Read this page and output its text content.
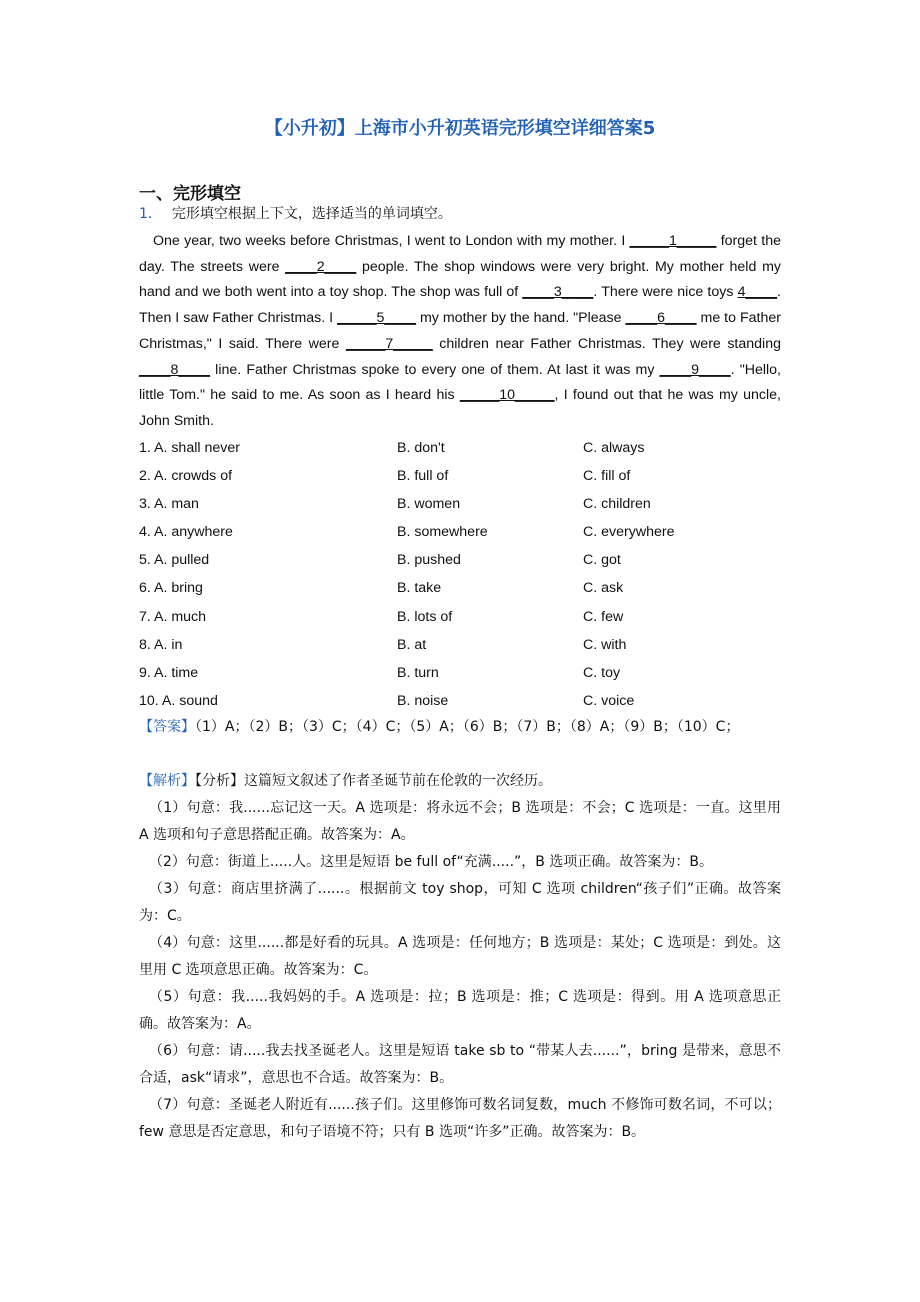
【小升初】上海市小升初英语完形填空详细答案5
一、完形填空
1． 完形填空根据上下文，选择适当的单词填空。
One year, two weeks before Christmas, I went to London with my mother. I _____1_____ forget the day. The streets were ____2____ people. The shop windows were very bright. My mother held my hand and we both went into a toy shop. The shop was full of ____3____. There were nice toys 4____. Then I saw Father Christmas. I _____5____ my mother by the hand. "Please ____6____ me to Father Christmas," I said. There were _____7_____ children near Father Christmas. They were standing ____8____ line. Father Christmas spoke to every one of them. At last it was my ____9____. "Hello, little Tom." he said to me. As soon as I heard his _____10_____, I found out that he was my uncle, John Smith.
1. A. shall never	B. don't	C. always
2. A. crowds of	B. full of	C. fill of
3. A. man	B. women	C. children
4. A. anywhere	B. somewhere	C. everywhere
5. A. pulled	B. pushed	C. got
6. A. bring	B. take	C. ask
7. A. much	B. lots of	C. few
8. A. in	B. at	C. with
9. A. time	B. turn	C. toy
10. A. sound	B. noise	C. voice
【答案】（1）A；（2）B；（3）C；（4）C；（5）A；（6）B；（7）B；（8）A；（9）B；（10）C；
【解析】【分析】这篇短文叙述了作者圣诞节前在伦敦的一次经历。
（1）句意：我......忘记这一天。A 选项是：将永远不会；B 选项是：不会；C 选项是：一直。这里用 A 选项和句子意思搭配正确。故答案为：A。
（2）句意：街道上.....人。这里是短语 be full of“充满.....”，B 选项正确。故答案为：B。
（3）句意：商店里挤满了......。根据前文 toy shop，可知 C 选项 children“孩子们”正确。故答案为：C。
（4）句意：这里......都是好看的玩具。A 选项是：任何地方；B 选项是：某处；C 选项是：到处。这里用 C 选项意思正确。故答案为：C。
（5）句意：我.....我妈妈的手。A 选项是：拉；B 选项是：推；C 选项是：得到。用 A 选项意思正确。故答案为：A。
（6）句意：请.....我去找圣诞老人。这里是短语 take sb to “带某人去......”，bring 是带来，意思不合适，ask“请求”，意思也不合适。故答案为：B。
（7）句意：圣诞老人附近有......孩子们。这里修饰可数名词复数，much 不修饰可数名词，不可以； few 意思是否定意思，和句子语境不符；只有 B 选项“许多”正确。故答案为：B。
